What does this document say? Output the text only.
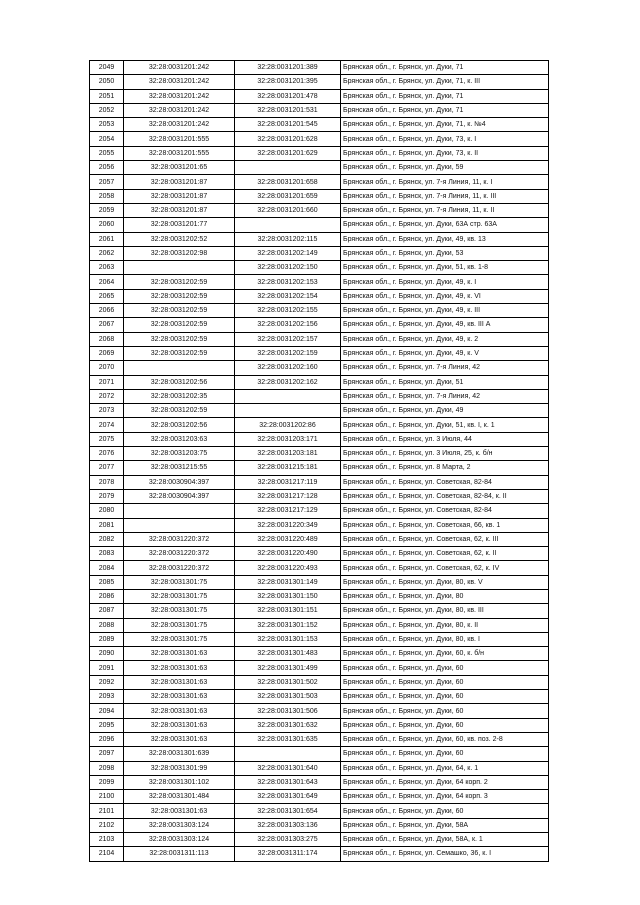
2049	32:28:0031201:242	32:28:0031201:389	Брянская обл., г. Брянск, ул. Дуки, 71
2050	32:28:0031201:242	32:28:0031201:395	Брянская обл., г. Брянск, ул. Дуки, 71, к. III
2051	32:28:0031201:242	32:28:0031201:478	Брянская обл., г. Брянск, ул. Дуки, 71
2052	32:28:0031201:242	32:28:0031201:531	Брянская обл., г. Брянск, ул. Дуки, 71
2053	32:28:0031201:242	32:28:0031201:545	Брянская обл., г. Брянск, ул. Дуки, 71, к. №4
2054	32:28:0031201:555	32:28:0031201:628	Брянская обл., г. Брянск, ул. Дуки, 73, к. I
2055	32:28:0031201:555	32:28:0031201:629	Брянская обл., г. Брянск, ул. Дуки, 73, к. II
2056	32:28:0031201:65		Брянская обл., г. Брянск, ул. Дуки, 59
2057	32:28:0031201:87	32:28:0031201:658	Брянская обл., г. Брянск, ул. 7-я Линия, 11, к. I
2058	32:28:0031201:87	32:28:0031201:659	Брянская обл., г. Брянск, ул. 7-я Линия, 11, к. III
2059	32:28:0031201:87	32:28:0031201:660	Брянская обл., г. Брянск, ул. 7-я Линия, 11, к. II
2060	32:28:0031201:77		Брянская обл., г. Брянск, ул. Дуки, 63А стр. 63А
2061	32:28:0031202:52	32:28:0031202:115	Брянская обл., г. Брянск, ул. Дуки, 49, кв. 13
2062	32:28:0031202:98	32:28:0031202:149	Брянская обл., г. Брянск, ул. Дуки, 53
2063		32:28:0031202:150	Брянская обл., г. Брянск, ул. Дуки, 51, кв. 1-8
2064	32:28:0031202:59	32:28:0031202:153	Брянская обл., г. Брянск, ул. Дуки, 49, к. I
2065	32:28:0031202:59	32:28:0031202:154	Брянская обл., г. Брянск, ул. Дуки, 49, к. VI
2066	32:28:0031202:59	32:28:0031202:155	Брянская обл., г. Брянск, ул. Дуки, 49, к. III
2067	32:28:0031202:59	32:28:0031202:156	Брянская обл., г. Брянск, ул. Дуки, 49, кв. III А
2068	32:28:0031202:59	32:28:0031202:157	Брянская обл., г. Брянск, ул. Дуки, 49, к. 2
2069	32:28:0031202:59	32:28:0031202:159	Брянская обл., г. Брянск, ул. Дуки, 49, к. V
2070		32:28:0031202:160	Брянская обл., г. Брянск, ул. 7-я Линия, 42
2071	32:28:0031202:56	32:28:0031202:162	Брянская обл., г. Брянск, ул. Дуки, 51
2072	32:28:0031202:35		Брянская обл., г. Брянск, ул. 7-я Линия, 42
2073	32:28:0031202:59		Брянская обл., г. Брянск, ул. Дуки, 49
2074	32:28:0031202:56	32:28:0031202:86	Брянская обл., г. Брянск, ул. Дуки, 51, кв. I, к. 1
2075	32:28:0031203:63	32:28:0031203:171	Брянская обл., г. Брянск, ул. 3 Июля, 44
2076	32:28:0031203:75	32:28:0031203:181	Брянская обл., г. Брянск, ул. 3 Июля, 25, к. б/н
2077	32:28:0031215:55	32:28:0031215:181	Брянская обл., г. Брянск, ул. 8 Марта, 2
2078	32:28:0030904:397	32:28:0031217:119	Брянская обл., г. Брянск, ул. Советская, 82-84
2079	32:28:0030904:397	32:28:0031217:128	Брянская обл., г. Брянск, ул. Советская, 82-84, к. II
2080		32:28:0031217:129	Брянская обл., г. Брянск, ул. Советская, 82-84
2081		32:28:0031220:349	Брянская обл., г. Брянск, ул. Советская, 66, кв. 1
2082	32:28:0031220:372	32:28:0031220:489	Брянская обл., г. Брянск, ул. Советская, 62, к. III
2083	32:28:0031220:372	32:28:0031220:490	Брянская обл., г. Брянск, ул. Советская, 62, к. II
2084	32:28:0031220:372	32:28:0031220:493	Брянская обл., г. Брянск, ул. Советская, 62, к. IV
2085	32:28:0031301:75	32:28:0031301:149	Брянская обл., г. Брянск, ул. Дуки, 80, кв. V
2086	32:28:0031301:75	32:28:0031301:150	Брянская обл., г. Брянск, ул. Дуки, 80
2087	32:28:0031301:75	32:28:0031301:151	Брянская обл., г. Брянск, ул. Дуки, 80, кв. III
2088	32:28:0031301:75	32:28:0031301:152	Брянская обл., г. Брянск, ул. Дуки, 80, к. II
2089	32:28:0031301:75	32:28:0031301:153	Брянская обл., г. Брянск, ул. Дуки, 80, кв. I
2090	32:28:0031301:63	32:28:0031301:483	Брянская обл., г. Брянск, ул. Дуки, 60, к. б/н
2091	32:28:0031301:63	32:28:0031301:499	Брянская обл., г. Брянск, ул. Дуки, 60
2092	32:28:0031301:63	32:28:0031301:502	Брянская обл., г. Брянск, ул. Дуки, 60
2093	32:28:0031301:63	32:28:0031301:503	Брянская обл., г. Брянск, ул. Дуки, 60
2094	32:28:0031301:63	32:28:0031301:506	Брянская обл., г. Брянск, ул. Дуки, 60
2095	32:28:0031301:63	32:28:0031301:632	Брянская обл., г. Брянск, ул. Дуки, 60
2096	32:28:0031301:63	32:28:0031301:635	Брянская обл., г. Брянск, ул. Дуки, 60, кв. поз. 2-8
2097	32:28:0031301:639		Брянская обл., г. Брянск, ул. Дуки, 60
2098	32:28:0031301:99	32:28:0031301:640	Брянская обл., г. Брянск, ул. Дуки, 64, к. 1
2099	32:28:0031301:102	32:28:0031301:643	Брянская обл., г. Брянск, ул. Дуки, 64 корп. 2
2100	32:28:0031301:484	32:28:0031301:649	Брянская обл., г. Брянск, ул. Дуки, 64 корп. 3
2101	32:28:0031301:63	32:28:0031301:654	Брянская обл., г. Брянск, ул. Дуки, 60
2102	32:28:0031303:124	32:28:0031303:136	Брянская обл., г. Брянск, ул. Дуки, 58А
2103	32:28:0031303:124	32:28:0031303:275	Брянская обл., г. Брянск, ул. Дуки, 58А, к. 1
2104	32:28:0031311:113	32:28:0031311:174	Брянская обл., г. Брянск, ул. Семашко, 36, к. I
